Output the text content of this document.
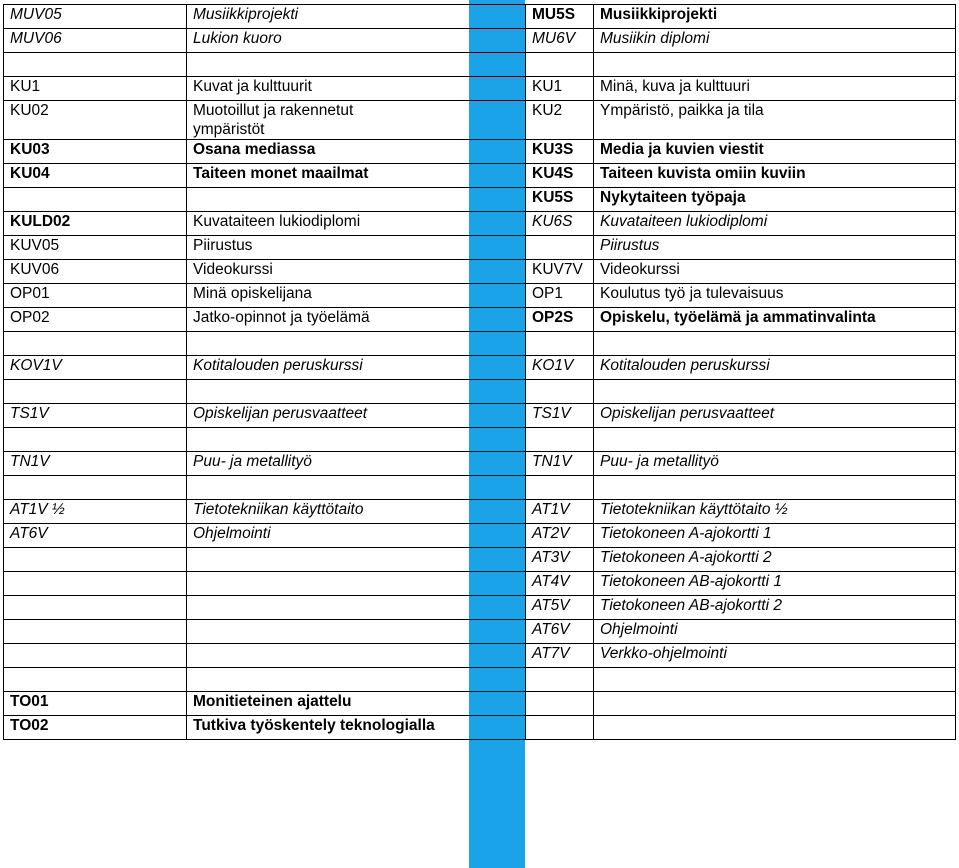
MUV05	Musiikkiprojekti	MU5S	Musiikkiprojekti
MUV06	Lukion kuoro	MU6V	Musiikin diplomi

KU1	Kuvat ja kulttuurit	KU1	Minä, kuva ja kulttuuri
KU02	Muotoillut ja rakennetut ympäristöt	KU2	Ympäristö, paikka ja tila
KU03	Osana mediassa	KU3S	Media ja kuvien viestit
KU04	Taiteen monet maailmat	KU4S	Taiteen kuvista omiin kuviin
		KU5S	Nykytaiteen työpaja
KULD02	Kuvataiteen lukiodiplomi	KU6S	Kuvataiteen lukiodiplomi
KUV05	Piirustus		Piirustus
KUV06	Videokurssi	KUV7V	Videokurssi
OP01	Minä opiskelijana	OP1	Koulutus työ ja tulevaisuus
OP02	Jatko-opinnot ja työelämä	OP2S	Opiskelu, työelämä ja ammatinvalinta

KOV1V	Kotitalouden peruskurssi	KO1V	Kotitalouden peruskurssi

TS1V	Opiskelijan perusvaatteet	TS1V	Opiskelijan perusvaatteet

TN1V	Puu- ja metallityö	TN1V	Puu- ja metallityö

AT1V ½	Tietotekniikan käyttötaito	AT1V	Tietotekniikan käyttötaito ½
AT6V	Ohjelmointi	AT2V	Tietokoneen A-ajokortti 1
		AT3V	Tietokoneen A-ajokortti 2
		AT4V	Tietokoneen AB-ajokortti 1
		AT5V	Tietokoneen AB-ajokortti 2
		AT6V	Ohjelmointi
		AT7V	Verkko-ohjelmointi

TO01	Monitieteinen ajattelu		
TO02	Tutkiva työskentely teknologialla		
